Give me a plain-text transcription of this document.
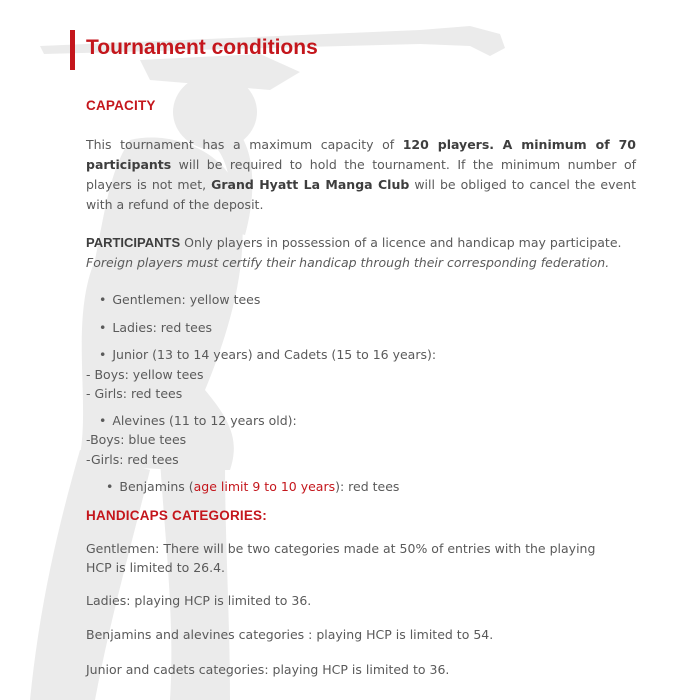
Tournament conditions
CAPACITY

This tournament has a maximum capacity of 120 players. A minimum of 70 participants will be required to hold the tournament. If the minimum number of players is not met, Grand Hyatt La Manga Club will be obliged to cancel the event with a refund of the deposit.

PARTICIPANTS Only players in possession of a licence and handicap may participate.
Foreign players must certify their handicap through their corresponding federation.

• Gentlemen: yellow tees

• Ladies: red tees

• Junior (13 to 14 years) and Cadets (15 to 16 years):

- Boys: yellow tees

- Girls: red tees

• Alevines (11 to 12 years old):

-Boys: blue tees

-Girls: red tees

• Benjamins (age limit 9 to 10 years): red tees

HANDICAPS CATEGORIES:

Gentlemen: There will be two categories made at 50% of entries with the playing HCP is limited to 26.4.

Ladies: playing HCP is limited to 36.

Benjamins and alevines categories : playing HCP is limited to 54.

Junior and cadets categories: playing HCP is limited to 36.
